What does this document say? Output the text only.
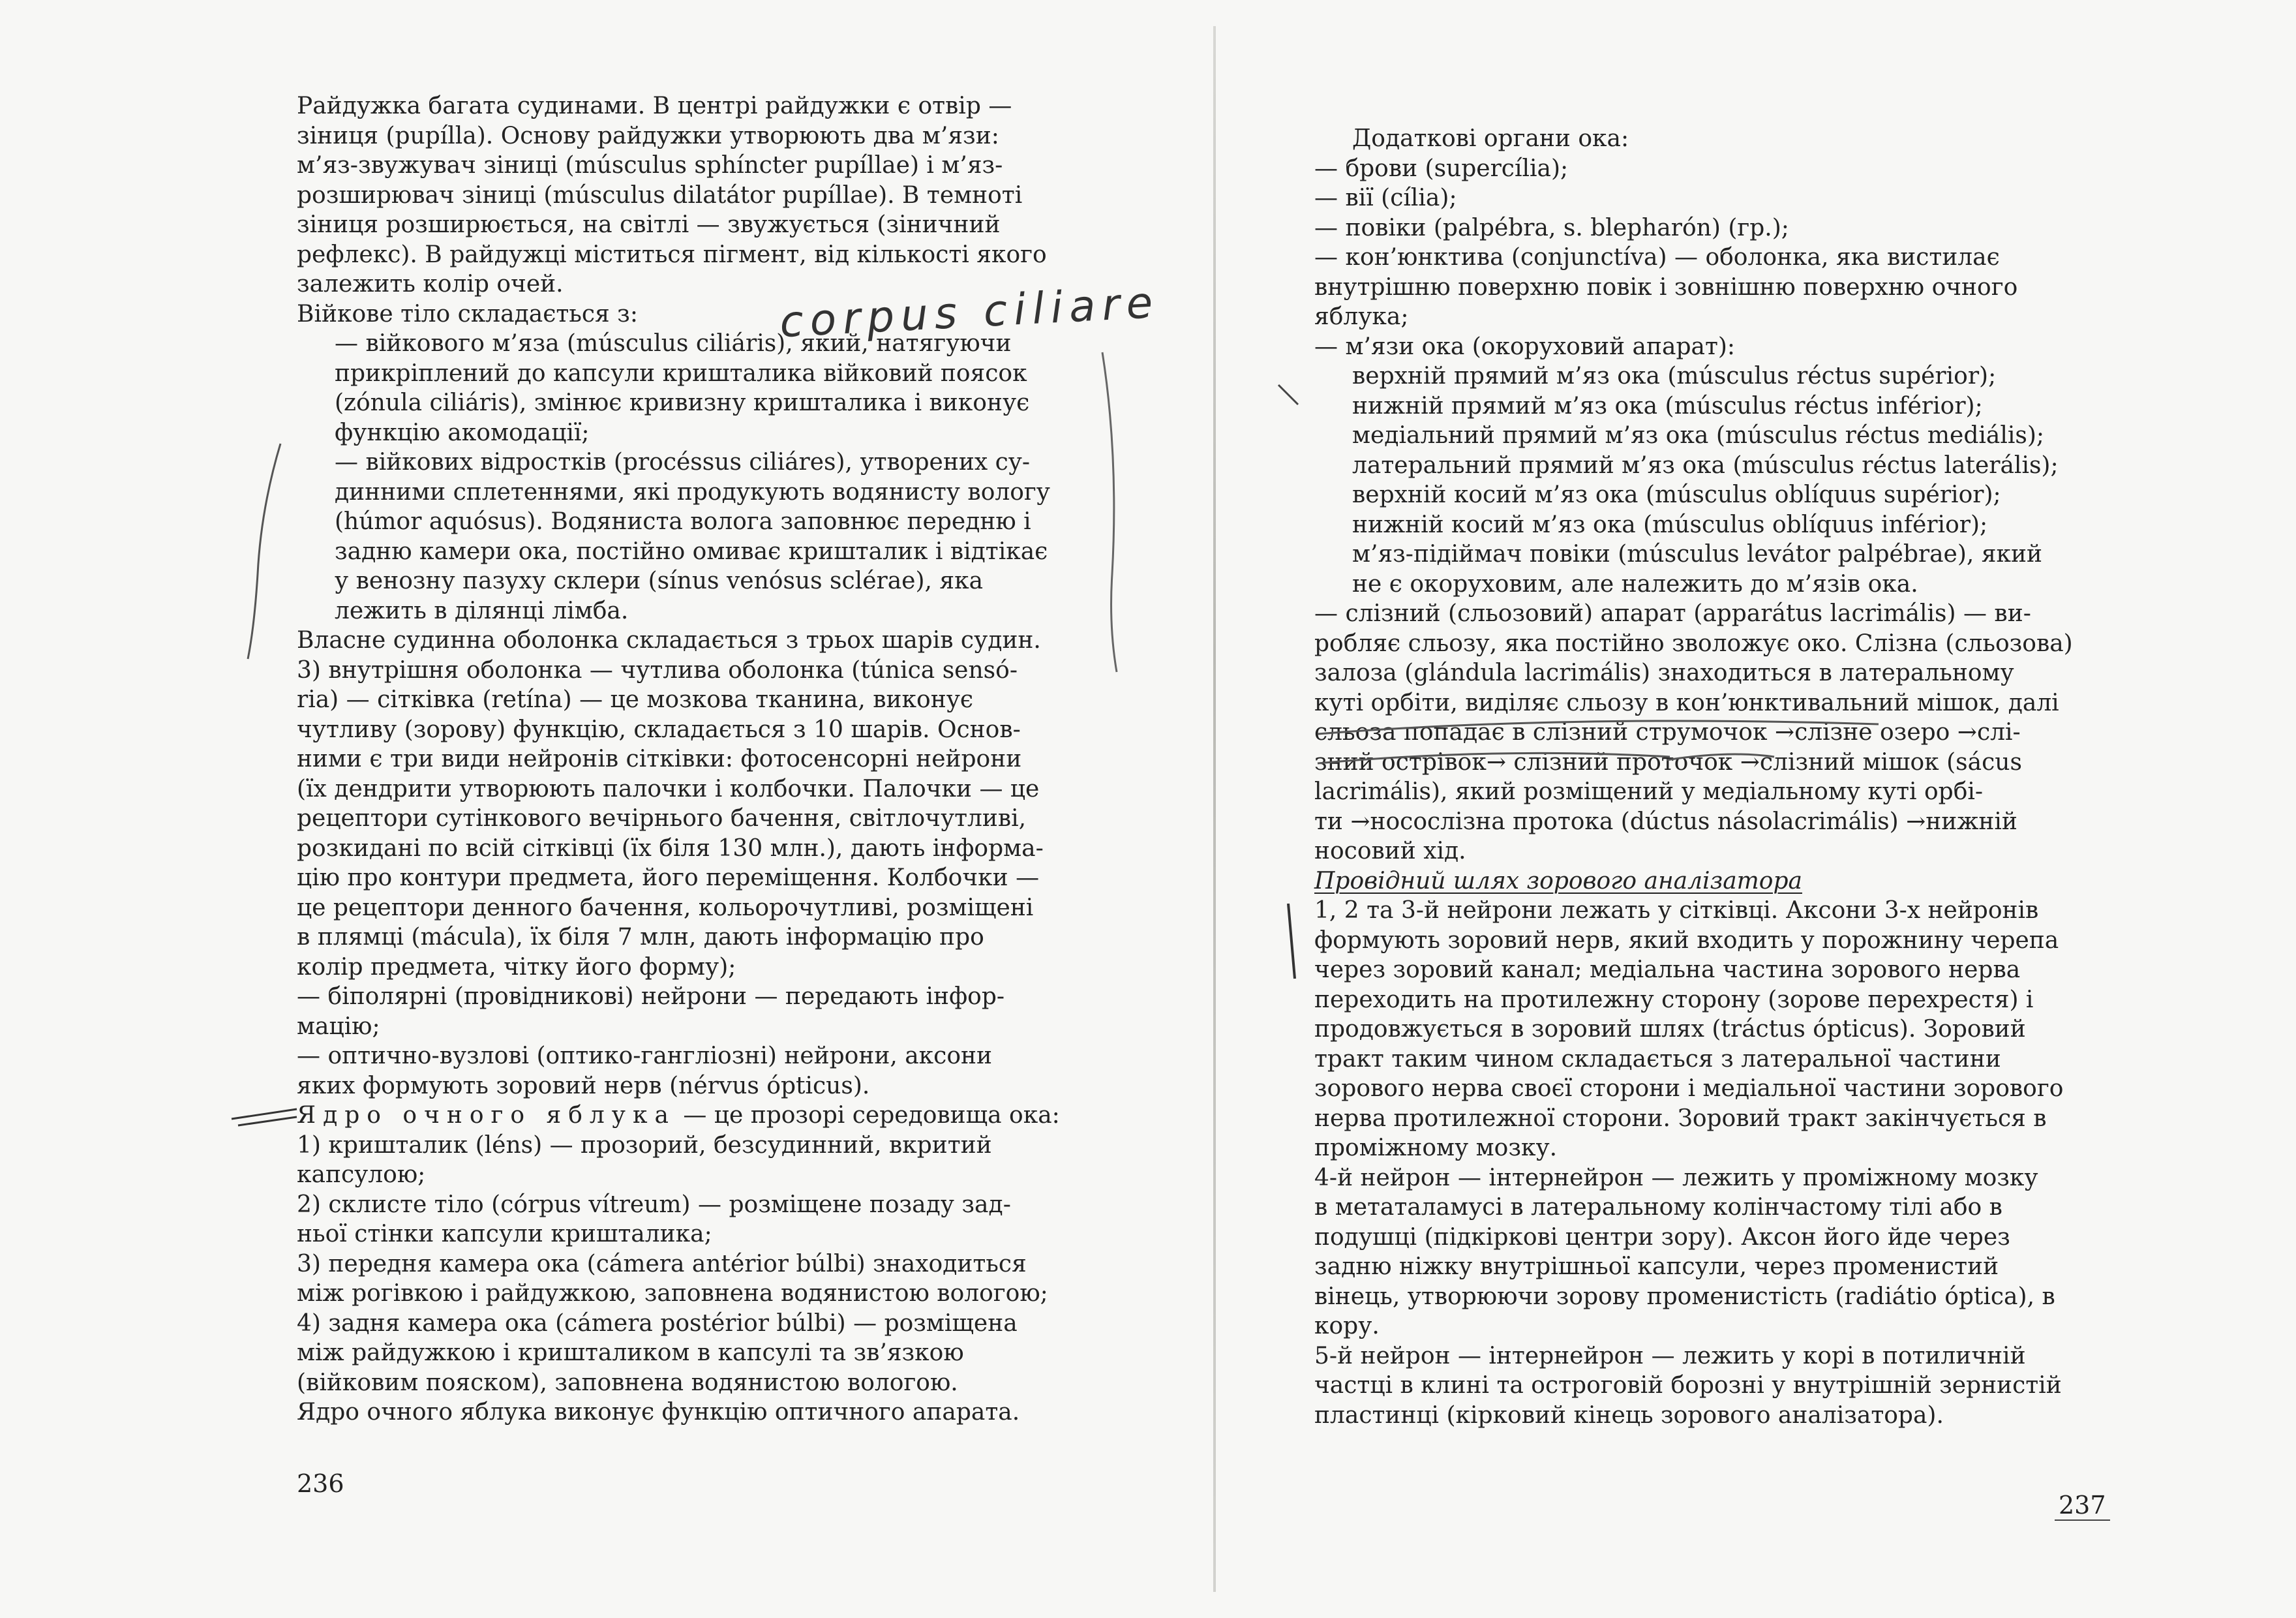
Райдужка багата судинами. В центрі райдужки є отвір —
зіниця (pupílla). Основу райдужки утворюють два м’язи:
м’яз-звужувач зіниці (músculus sphíncter pupíllae) і м’яз-
розширювач зіниці (músculus dilatátor pupíllae). В темноті
зіниця розширюється, на світлі — звужується (зіничний
рефлекс). В райдужці міститься пігмент, від кількості якого
залежить колір очей.

Війкове тіло складається з:

— війкового м’яза (músculus ciliáris), який, натягуючи
прикріплений до капсули кришталика війковий поясок
(zónula ciliáris), змінює кривизну кришталика і виконує
функцію акомодації;

— війкових відростків (procéssus ciliáres), утворених су-
динними сплетеннями, які продукують водянисту вологу
(húmor aquósus). Водяниста волога заповнює передню і
задню камери ока, постійно омиває кришталик і відтікає
у венозну пазуху склери (sínus venósus sclérae), яка
лежить в ділянці лімба.

Власне судинна оболонка складається з трьох шарів судин.
3) внутрішня оболонка — чутлива оболонка (túnica sensó-
ria) — сітківка (retína) — це мозкова тканина, виконує
чутливу (зорову) функцію, складається з 10 шарів. Основ-
ними є три види нейронів сітківки: фотосенсорні нейрони
(їх дендрити утворюють палочки і колбочки. Палочки — це
рецептори сутінкового вечірнього бачення, світлочутливі,
розкидані по всій сітківці (їх біля 130 млн.), дають інформа-
цію про контури предмета, його переміщення. Колбочки —
це рецептори денного бачення, кольорочутливі, розміщені
в плямці (mácula), їх біля 7 млн, дають інформацію про
колір предмета, чітку його форму);
— біполярні (провідникові) нейрони — передають інфор-
мацію;
— оптично-вузлові (оптико-гангліозні) нейрони, аксони
яких формують зоровий нерв (nérvus ópticus).

Ядро очного яблука — це прозорі середовища ока:
1) кришталик (léns) — прозорий, безсудинний, вкритий
капсулою;
2) склисте тіло (córpus vítreum) — розміщене позаду зад-
ньої стінки капсули кришталика;
3) передня камера ока (cámera antérior búlbi) знаходиться
між рогівкою і райдужкою, заповнена водянистою вологою;
4) задня камера ока (cámera postérior búlbi) — розміщена
між райдужкою і кришталиком в капсулі та зв’язкою
(війковим пояском), заповнена водянистою вологою.
Ядро очного яблука виконує функцію оптичного апарата.

236
corpus ciliare

Додаткові органи ока:

— брови (supercília);
— вії (cília);
— повіки (palpébra, s. blepharón) (гр.);
— кон’юнктива (conjunctíva) — оболонка, яка вистилає
внутрішню поверхню повік і зовнішню поверхню очного
яблука;
— м’язи ока (окоруховий апарат):

верхній прямий м’яз ока (músculus réctus supérior);
нижній прямий м’яз ока (músculus réctus inférior);
медіальний прямий м’яз ока (músculus réctus mediális);
латеральний прямий м’яз ока (músculus réctus laterális);
верхній косий м’яз ока (músculus oblíquus supérior);
нижній косий м’яз ока (músculus oblíquus inférior);
м’яз-підіймач повіки (músculus levátor palpébrae), який
не є окоруховим, але належить до м’язів ока.

— слізний (сльозовий) апарат (apparátus lacrimális) — ви-
робляє сльозу, яка постійно зволожує око. Слізна (сльозова)
залоза (glándula lacrimális) знаходиться в латеральному
куті орбіти, виділяє сльозу в кон’юнктивальний мішок, далі
сльоза попадає в слізний струмочок →слізне озеро →слі-
зний острівок→ слізний проточок →слізний мішок (sácus
lacrimális), який розміщений у медіальному куті орбі-
ти →носослізна протока (dúctus násolacrimális) →нижній
носовий хід.

Провідний шлях зорового аналізатора

1, 2 та 3-й нейрони лежать у сітківці. Аксони 3-х нейронів
формують зоровий нерв, який входить у порожнину черепа
через зоровий канал; медіальна частина зорового нерва
переходить на протилежну сторону (зорове перехрестя) і
продовжується в зоровий шлях (tráctus ópticus). Зоровий
тракт таким чином складається з латеральної частини
зорового нерва своєї сторони і медіальної частини зорового
нерва протилежної сторони. Зоровий тракт закінчується в
проміжному мозку.
4-й нейрон — інтернейрон — лежить у проміжному мозку
в метаталамусі в латеральному колінчастому тілі або в
подушці (підкіркові центри зору). Аксон його йде через
задню ніжку внутрішньої капсули, через променистий
вінець, утворюючи зорову променистість (radiátio óptica), в
кору.
5-й нейрон — інтернейрон — лежить у корі в потиличній
частці в клині та остроговій борозні у внутрішній зернистій
пластинці (кірковий кінець зорового аналізатора).

237
